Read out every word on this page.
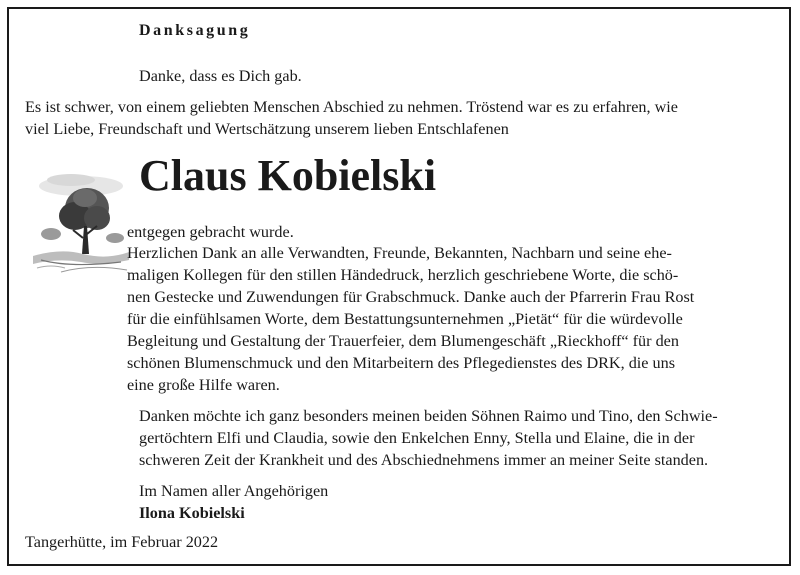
Danksagung
Danke, dass es Dich gab.
Es ist schwer, von einem geliebten Menschen Abschied zu nehmen. Tröstend war es zu erfahren, wie
viel Liebe, Freundschaft und Wertschätzung unserem lieben Entschlafenen
Claus Kobielski
entgegen gebracht wurde.
Herzlichen Dank an alle Verwandten, Freunde, Bekannten, Nachbarn und seine ehe-
maligen Kollegen für den stillen Händedruck, herzlich geschriebene Worte, die schö-
nen Gestecke und Zuwendungen für Grabschmuck. Danke auch der Pfarrerin Frau Rost
für die einfühlsamen Worte, dem Bestattungsunternehmen „Pietät“ für die würdevolle
Begleitung und Gestaltung der Trauerfeier, dem Blumengeschäft „Rieckhoff“ für den
schönen Blumenschmuck und den Mitarbeitern des Pflegedienstes des DRK, die uns
eine große Hilfe waren.
Danken möchte ich ganz besonders meinen beiden Söhnen Raimo und Tino, den Schwie-
gertöchtern Elfi und Claudia, sowie den Enkelchen Enny, Stella und Elaine, die in der
schweren Zeit der Krankheit und des Abschiednehmens immer an meiner Seite standen.
Im Namen aller Angehörigen
Ilona Kobielski
Tangerhütte, im Februar 2022
